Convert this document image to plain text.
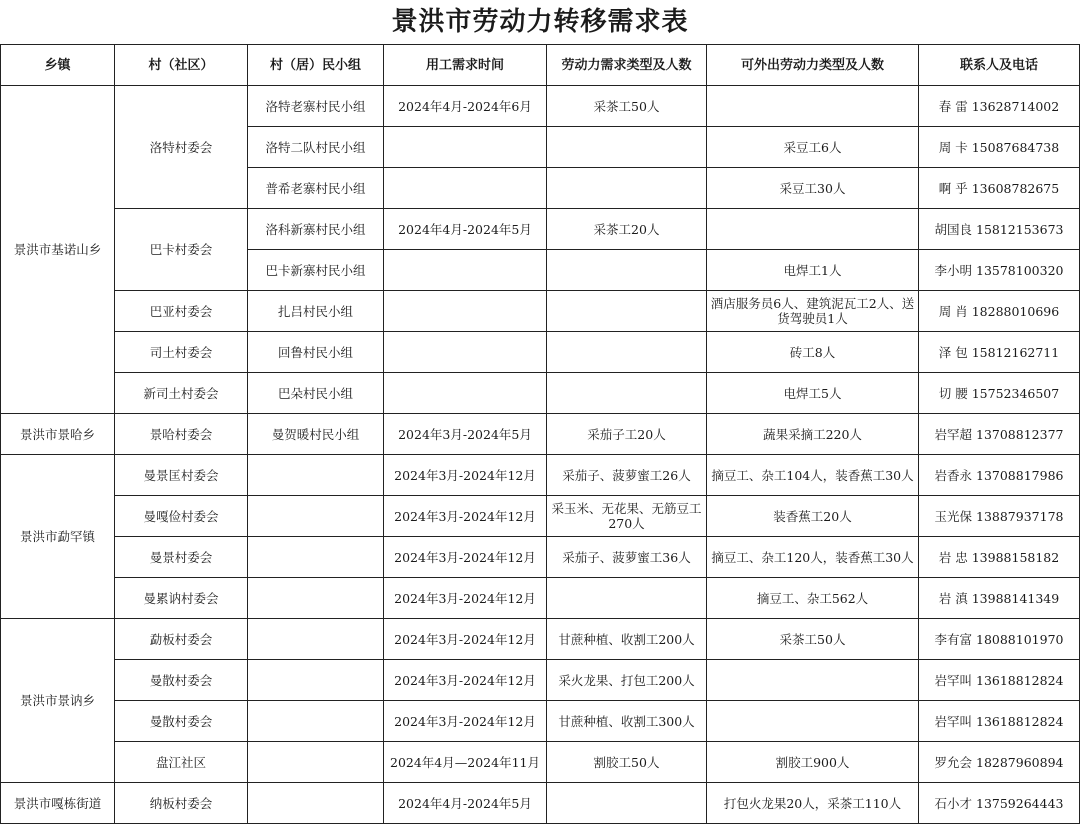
景洪市劳动力转移需求表
乡镇	村（社区）	村（居）民小组	用工需求时间	劳动力需求类型及人数	可外出劳动力类型及人数	联系人及电话
景洪市基诺山乡	洛特村委会	洛特老寨村民小组	2024年4月-2024年6月	采茶工50人		春 雷 13628714002
		洛特二队村民小组			采豆工6人	周 卡 15087684738
		普希老寨村民小组			采豆工30人	啊 乎 13608782675
	巴卡村委会	洛科新寨村民小组	2024年4月-2024年5月	采茶工20人		胡国良 15812153673
		巴卡新寨村民小组			电焊工1人	李小明 13578100320
	巴亚村委会	扎吕村民小组			酒店服务员6人、建筑泥瓦工2人、送货驾驶员1人	周 肖 18288010696
	司土村委会	回鲁村民小组			砖工8人	泽 包 15812162711
	新司土村委会	巴朵村民小组			电焊工5人	切 腰 15752346507
景洪市景哈乡	景哈村委会	曼贺暖村民小组	2024年3月-2024年5月	采茄子工20人	蔬果采摘工220人	岩罕超 13708812377
景洪市勐罕镇	曼景匡村委会		2024年3月-2024年12月	采茄子、菠萝蜜工26人	摘豆工、杂工104人，装香蕉工30人	岩香永 13708817986
	曼嘎俭村委会		2024年3月-2024年12月	采玉米、无花果、无筋豆工270人	装香蕉工20人	玉光保 13887937178
	曼景村委会		2024年3月-2024年12月	采茄子、菠萝蜜工36人	摘豆工、杂工120人，装香蕉工30人	岩 忠 13988158182
	曼累讷村委会		2024年3月-2024年12月		摘豆工、杂工562人	岩 滇 13988141349
景洪市景讷乡	勐板村委会		2024年3月-2024年12月	甘蔗种植、收割工200人	采茶工50人	李有富 18088101970
	曼散村委会		2024年3月-2024年12月	采火龙果、打包工200人		岩罕叫 13618812824
	曼散村委会		2024年3月-2024年12月	甘蔗种植、收割工300人		岩罕叫 13618812824
	盘江社区		2024年4月—2024年11月	割胶工50人	割胶工900人	罗允会 18287960894
景洪市嘎栋街道	纳板村委会		2024年4月-2024年5月		打包火龙果20人，采茶工110人	石小才 13759264443
